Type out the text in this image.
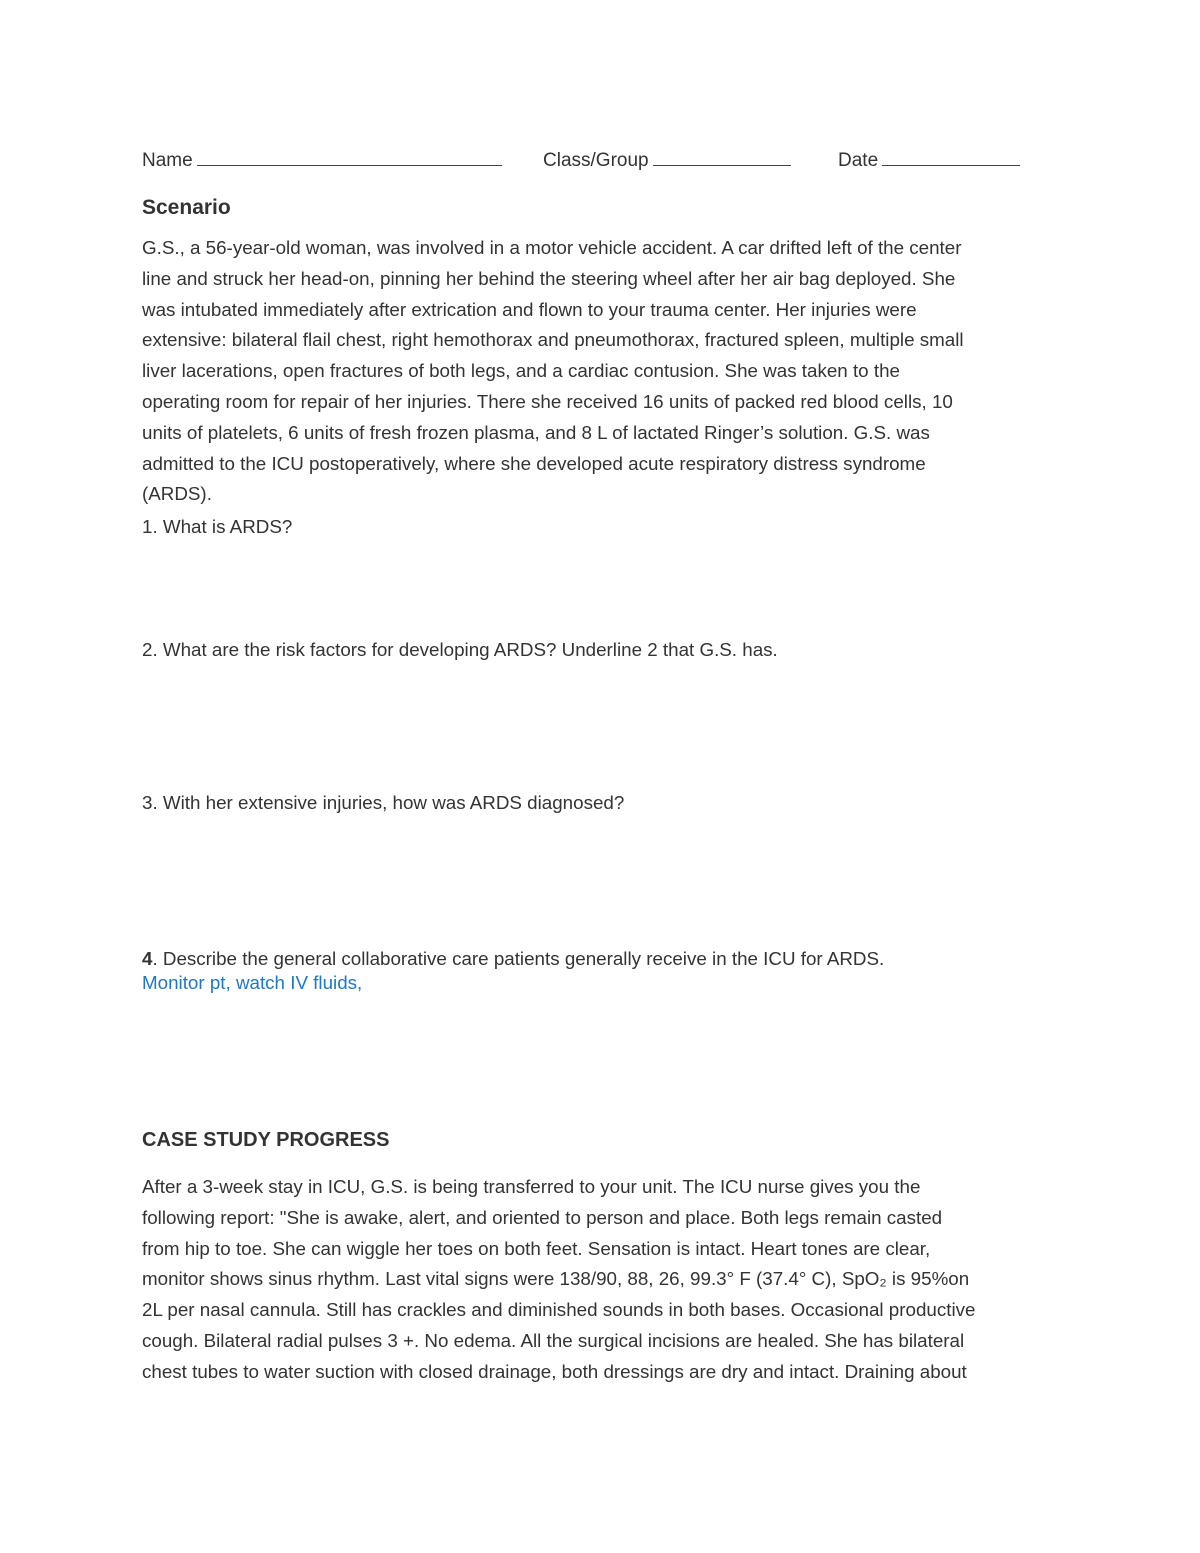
Name	Class/Group	Date
Scenario
G.S., a 56-year-old woman, was involved in a motor vehicle accident. A car drifted left of the center
line and struck her head-on, pinning her behind the steering wheel after her air bag deployed. She
was intubated immediately after extrication and flown to your trauma center. Her injuries were
extensive: bilateral flail chest, right hemothorax and pneumothorax, fractured spleen, multiple small
liver lacerations, open fractures of both legs, and a cardiac contusion. She was taken to the
operating room for repair of her injuries. There she received 16 units of packed red blood cells, 10
units of platelets, 6 units of fresh frozen plasma, and 8 L of lactated Ringer’s solution. G.S. was
admitted to the ICU postoperatively, where she developed acute respiratory distress syndrome
(ARDS).
1. What is ARDS?
2. What are the risk factors for developing ARDS? Underline 2 that G.S. has.
3. With her extensive injuries, how was ARDS diagnosed?
4. Describe the general collaborative care patients generally receive in the ICU for ARDS.
Monitor pt, watch IV fluids,
CASE STUDY PROGRESS
After a 3-week stay in ICU, G.S. is being transferred to your unit. The ICU nurse gives you the
following report: "She is awake, alert, and oriented to person and place. Both legs remain casted
from hip to toe. She can wiggle her toes on both feet. Sensation is intact. Heart tones are clear,
monitor shows sinus rhythm. Last vital signs were 138/90, 88, 26, 99.3° F (37.4° C), SpO₂ is 95%on
2L per nasal cannula. Still has crackles and diminished sounds in both bases. Occasional productive
cough. Bilateral radial pulses 3 +. No edema. All the surgical incisions are healed. She has bilateral
chest tubes to water suction with closed drainage, both dressings are dry and intact. Draining about
